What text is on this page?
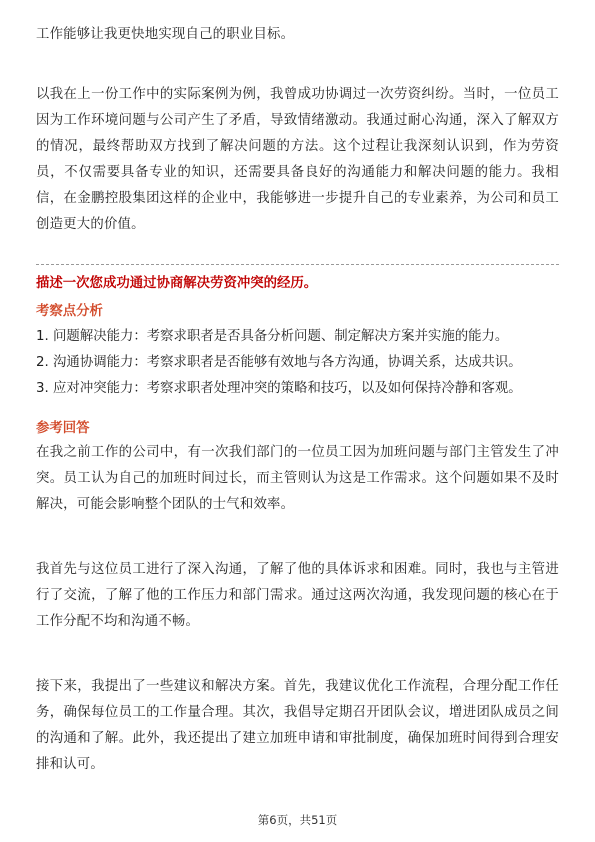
工作能够让我更快地实现自己的职业目标。

以我在上一份工作中的实际案例为例，我曾成功协调过一次劳资纠纷。当时，一位员工因为工作环境问题与公司产生了矛盾，导致情绪激动。我通过耐心沟通，深入了解双方的情况，最终帮助双方找到了解决问题的方法。这个过程让我深刻认识到，作为劳资员，不仅需要具备专业的知识，还需要具备良好的沟通能力和解决问题的能力。我相信，在金鹏控股集团这样的企业中，我能够进一步提升自己的专业素养，为公司和员工创造更大的价值。

描述一次您成功通过协商解决劳资冲突的经历。

考察点分析

1. 问题解决能力：考察求职者是否具备分析问题、制定解决方案并实施的能力。
2. 沟通协调能力：考察求职者是否能够有效地与各方沟通，协调关系，达成共识。
3. 应对冲突能力：考察求职者处理冲突的策略和技巧，以及如何保持冷静和客观。

参考回答

在我之前工作的公司中，有一次我们部门的一位员工因为加班问题与部门主管发生了冲突。员工认为自己的加班时间过长，而主管则认为这是工作需求。这个问题如果不及时解决，可能会影响整个团队的士气和效率。

我首先与这位员工进行了深入沟通，了解了他的具体诉求和困难。同时，我也与主管进行了交流，了解了他的工作压力和部门需求。通过这两次沟通，我发现问题的核心在于工作分配不均和沟通不畅。

接下来，我提出了一些建议和解决方案。首先，我建议优化工作流程，合理分配工作任务，确保每位员工的工作量合理。其次，我倡导定期召开团队会议，增进团队成员之间的沟通和了解。此外，我还提出了建立加班申请和审批制度，确保加班时间得到合理安排和认可。

第6页，共51页
